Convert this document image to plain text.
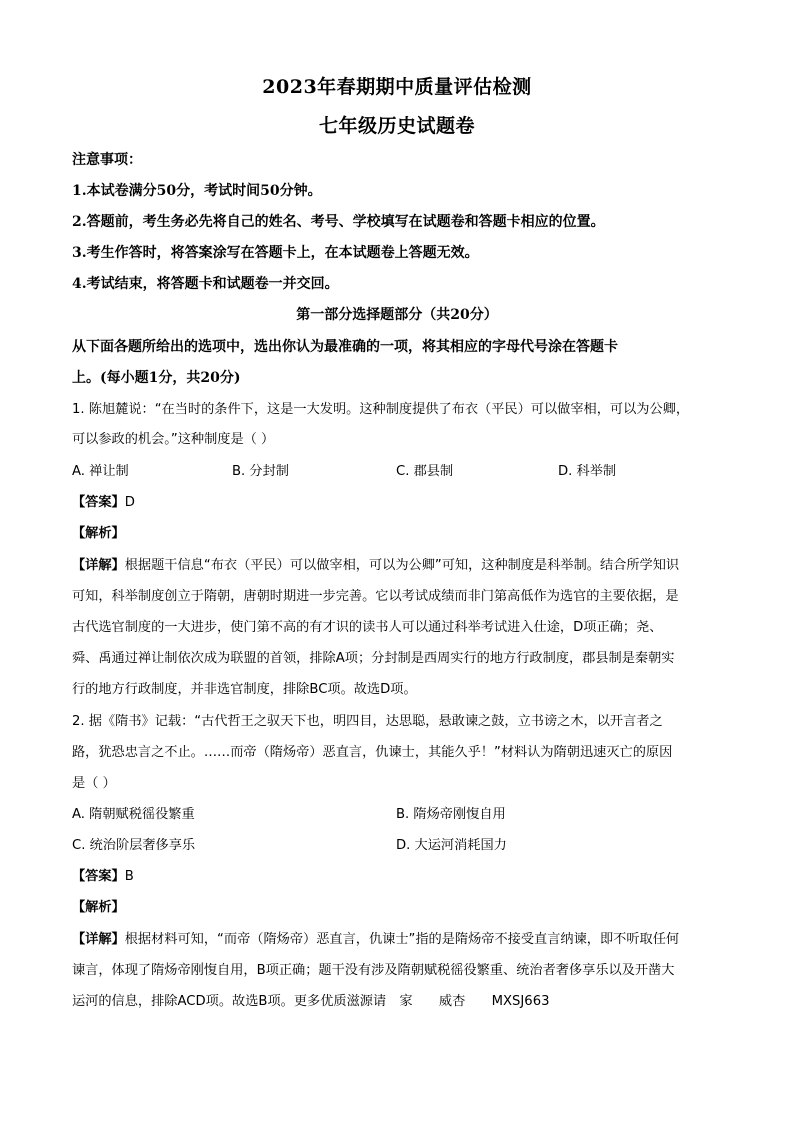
2023年春期期中质量评估检测
七年级历史试题卷
注意事项：
1.本试卷满分50分，考试时间50分钟。
2.答题前，考生务必先将自己的姓名、考号、学校填写在试题卷和答题卡相应的位置。
3.考生作答时，将答案涂写在答题卡上，在本试题卷上答题无效。
4.考试结束，将答题卡和试题卷一并交回。
第一部分选择题部分（共20分）
从下面各题所给出的选项中，选出你认为最准确的一项，将其相应的字母代号涂在答题卡
上。(每小题1分，共20分)
1. 陈旭麓说：“在当时的条件下，这是一大发明。这种制度提供了布衣（平民）可以做宰相，可以为公卿，
可以参政的机会。”这种制度是（ ）
A. 禅让制	B. 分封制	C. 郡县制	D. 科举制
【答案】D
【解析】
【详解】根据题干信息“布衣（平民）可以做宰相，可以为公卿”可知，这种制度是科举制。结合所学知识
可知，科举制度创立于隋朝，唐朝时期进一步完善。它以考试成绩而非门第高低作为选官的主要依据，是
古代选官制度的一大进步，使门第不高的有才识的读书人可以通过科举考试进入仕途，D项正确；尧、
舜、禹通过禅让制依次成为联盟的首领，排除A项；分封制是西周实行的地方行政制度，郡县制是秦朝实
行的地方行政制度，并非选官制度，排除BC项。故选D项。
2. 据《隋书》记载：“古代哲王之驭天下也，明四目，达思聪，悬敢谏之鼓，立书谤之木，以开言者之
路，犹恐忠言之不止。……而帝（隋炀帝）恶直言，仇谏士，其能久乎！”材料认为隋朝迅速灭亡的原因
是（ ）
A. 隋朝赋税徭役繁重	B. 隋炀帝刚愎自用
C. 统治阶层奢侈享乐	D. 大运河消耗国力
【答案】B
【解析】
【详解】根据材料可知，“而帝（隋炀帝）恶直言，仇谏士”指的是隋炀帝不接受直言纳谏，即不听取任何
谏言，体现了隋炀帝刚愎自用，B项正确；题干没有涉及隋朝赋税徭役繁重、统治者奢侈享乐以及开凿大
运河的信息，排除ACD项。故选B项。更多优质滋源请　家　　威杏　　MXSJ663
